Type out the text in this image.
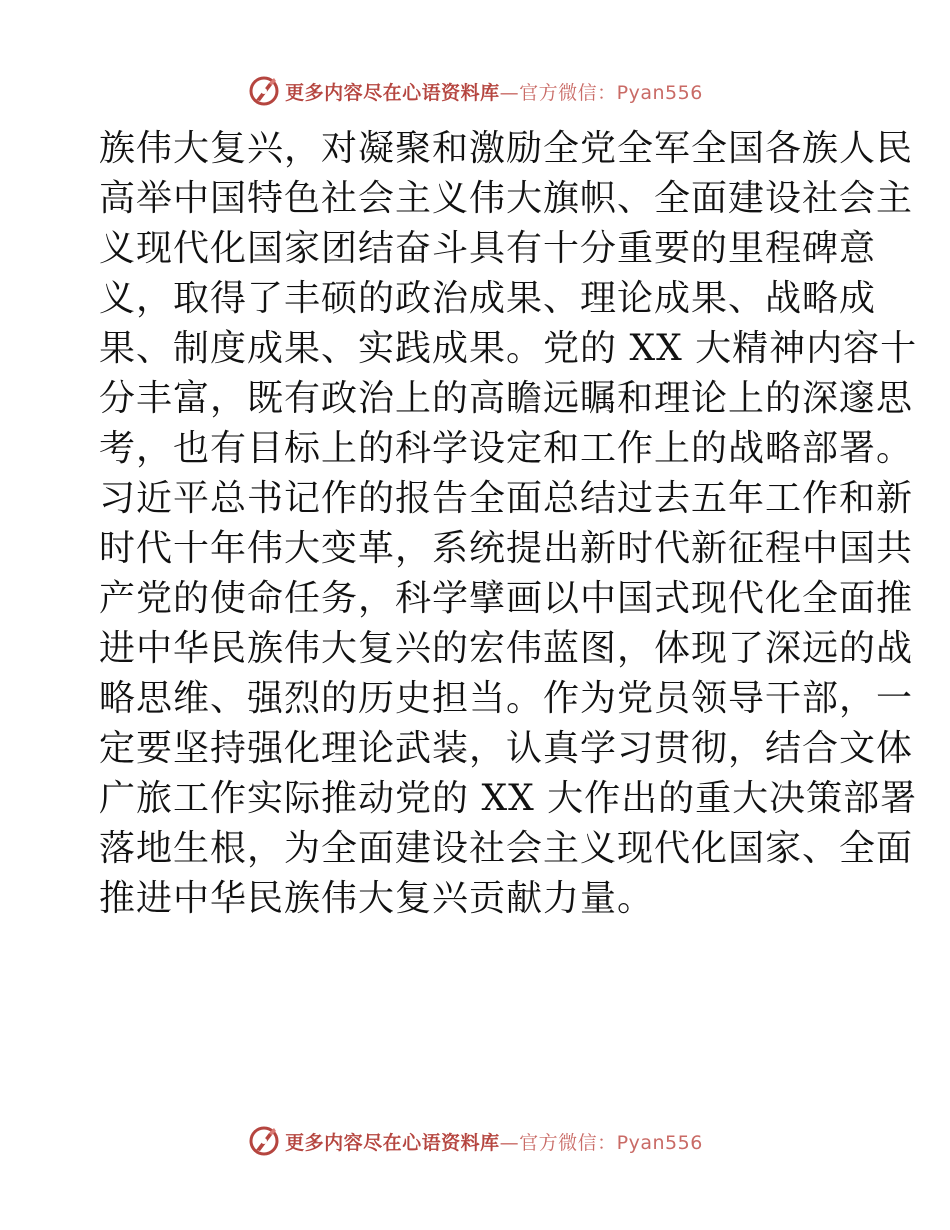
更多内容尽在心语资料库—官方微信：Pyan556
族伟大复兴，对凝聚和激励全党全军全国各族人民
高举中国特色社会主义伟大旗帜、全面建设社会主
义现代化国家团结奋斗具有十分重要的里程碑意
义，取得了丰硕的政治成果、理论成果、战略成
果、制度成果、实践成果。党的 XX 大精神内容十
分丰富，既有政治上的高瞻远瞩和理论上的深邃思
考，也有目标上的科学设定和工作上的战略部署。
习近平总书记作的报告全面总结过去五年工作和新
时代十年伟大变革，系统提出新时代新征程中国共
产党的使命任务，科学擘画以中国式现代化全面推
进中华民族伟大复兴的宏伟蓝图，体现了深远的战
略思维、强烈的历史担当。作为党员领导干部，一
定要坚持强化理论武装，认真学习贯彻，结合文体
广旅工作实际推动党的 XX 大作出的重大决策部署
落地生根，为全面建设社会主义现代化国家、全面
推进中华民族伟大复兴贡献力量。
更多内容尽在心语资料库—官方微信：Pyan556
